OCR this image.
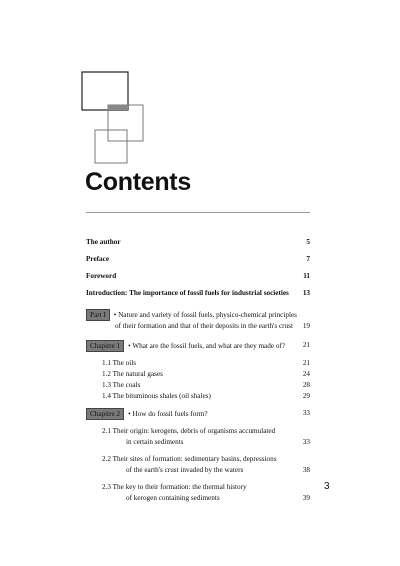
Contents
The author	5
Preface	7
Foreword	11
Introduction: The importance of fossil fuels for industrial societies 13
Part I • Nature and variety of fossil fuels, physico-chemical principles
of their formation and that of their deposits in the earth's crust 19
Chapitre 1 • What are the fossil fuels, and what are they made of? 21
1.1 The oils	21
1.2 The natural gases	24
1.3 The coals	28
1.4 The bituminous shales (oil shales)	29
Chapitre 2 • How do fossil fuels form?	33
2.1 Their origin: kerogens, debris of organisms accumulated
in certain sediments	33
2.2 Their sites of formation: sedimentary basins, depressions
of the earth's crust invaded by the waters	38
2.3 The key to their formation: the thermal history
of kerogen containing sediments	39
3
